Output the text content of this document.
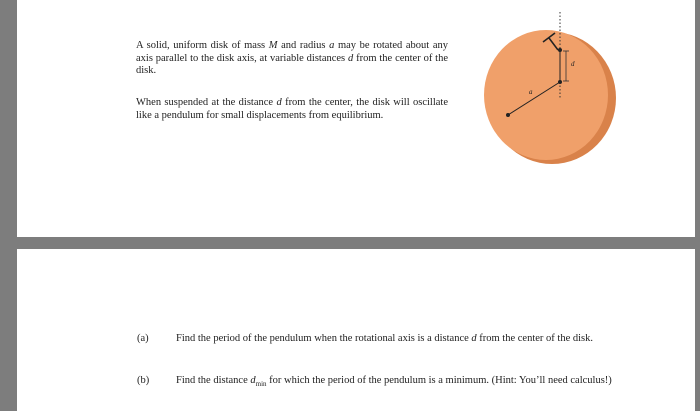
A solid, uniform disk of mass M and radius a may be rotated about any axis parallel to the disk axis, at variable distances d from the center of the disk.

When suspended at the distance d from the center, the disk will oscillate like a pendulum for small displacements from equilibrium.

d
a
(a)	Find the period of the pendulum when the rotational axis is a distance d from the center of the disk.
(b)	Find the distance $d_{min}$ for which the period of the pendulum is a minimum. (Hint: You’ll need calculus!)
